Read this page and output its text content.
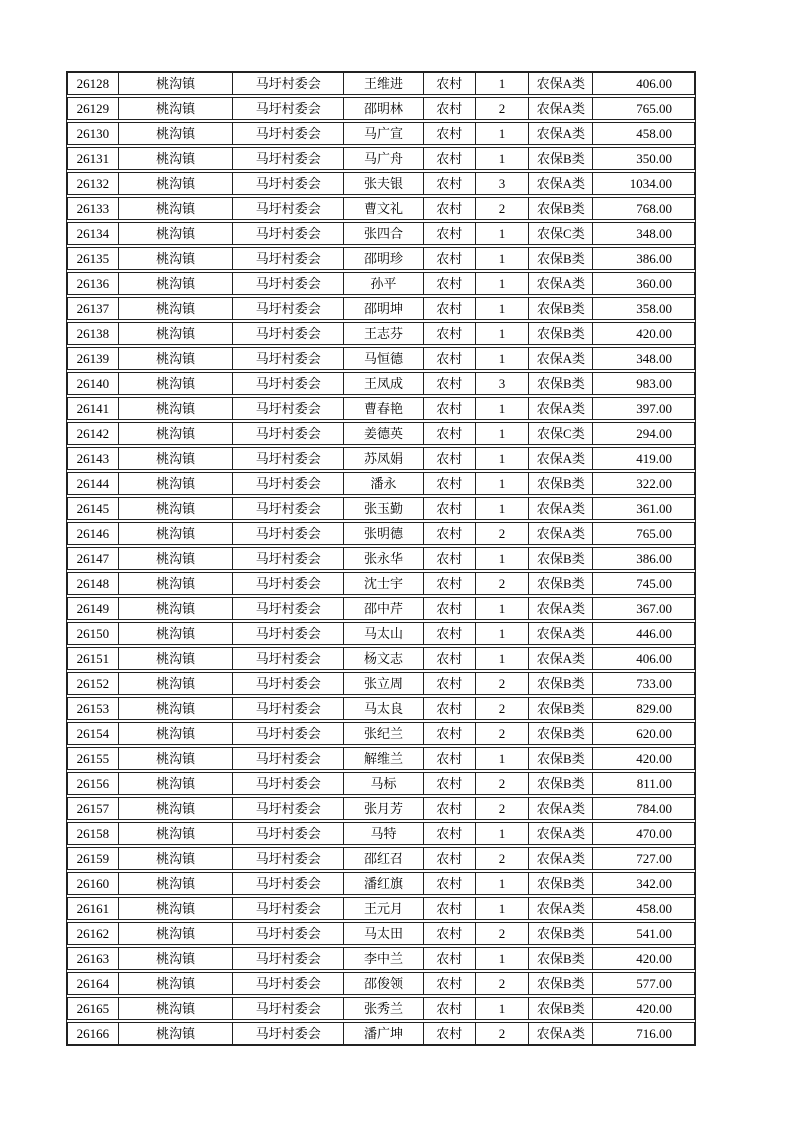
26128	桃沟镇	马圩村委会	王维进	农村	1	农保A类	406.00
26129	桃沟镇	马圩村委会	邵明林	农村	2	农保A类	765.00
26130	桃沟镇	马圩村委会	马广宣	农村	1	农保A类	458.00
26131	桃沟镇	马圩村委会	马广舟	农村	1	农保B类	350.00
26132	桃沟镇	马圩村委会	张夫银	农村	3	农保A类	1034.00
26133	桃沟镇	马圩村委会	曹文礼	农村	2	农保B类	768.00
26134	桃沟镇	马圩村委会	张四合	农村	1	农保C类	348.00
26135	桃沟镇	马圩村委会	邵明珍	农村	1	农保B类	386.00
26136	桃沟镇	马圩村委会	孙平	农村	1	农保A类	360.00
26137	桃沟镇	马圩村委会	邵明坤	农村	1	农保B类	358.00
26138	桃沟镇	马圩村委会	王志芬	农村	1	农保B类	420.00
26139	桃沟镇	马圩村委会	马恒德	农村	1	农保A类	348.00
26140	桃沟镇	马圩村委会	王凤成	农村	3	农保B类	983.00
26141	桃沟镇	马圩村委会	曹春艳	农村	1	农保A类	397.00
26142	桃沟镇	马圩村委会	姜德英	农村	1	农保C类	294.00
26143	桃沟镇	马圩村委会	苏凤娟	农村	1	农保A类	419.00
26144	桃沟镇	马圩村委会	潘永	农村	1	农保B类	322.00
26145	桃沟镇	马圩村委会	张玉勤	农村	1	农保A类	361.00
26146	桃沟镇	马圩村委会	张明德	农村	2	农保A类	765.00
26147	桃沟镇	马圩村委会	张永华	农村	1	农保B类	386.00
26148	桃沟镇	马圩村委会	沈士宇	农村	2	农保B类	745.00
26149	桃沟镇	马圩村委会	邵中芹	农村	1	农保A类	367.00
26150	桃沟镇	马圩村委会	马太山	农村	1	农保A类	446.00
26151	桃沟镇	马圩村委会	杨文志	农村	1	农保A类	406.00
26152	桃沟镇	马圩村委会	张立周	农村	2	农保B类	733.00
26153	桃沟镇	马圩村委会	马太良	农村	2	农保B类	829.00
26154	桃沟镇	马圩村委会	张纪兰	农村	2	农保B类	620.00
26155	桃沟镇	马圩村委会	解维兰	农村	1	农保B类	420.00
26156	桃沟镇	马圩村委会	马标	农村	2	农保B类	811.00
26157	桃沟镇	马圩村委会	张月芳	农村	2	农保A类	784.00
26158	桃沟镇	马圩村委会	马特	农村	1	农保A类	470.00
26159	桃沟镇	马圩村委会	邵红召	农村	2	农保A类	727.00
26160	桃沟镇	马圩村委会	潘红旗	农村	1	农保B类	342.00
26161	桃沟镇	马圩村委会	王元月	农村	1	农保A类	458.00
26162	桃沟镇	马圩村委会	马太田	农村	2	农保B类	541.00
26163	桃沟镇	马圩村委会	李中兰	农村	1	农保B类	420.00
26164	桃沟镇	马圩村委会	邵俊领	农村	2	农保B类	577.00
26165	桃沟镇	马圩村委会	张秀兰	农村	1	农保B类	420.00
26166	桃沟镇	马圩村委会	潘广坤	农村	2	农保A类	716.00
